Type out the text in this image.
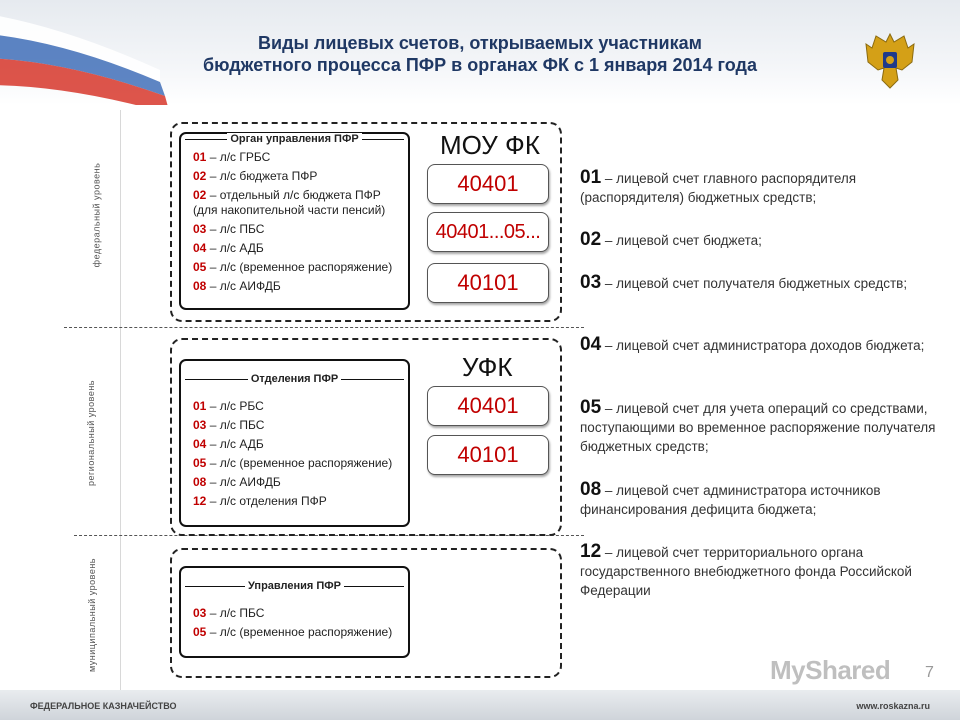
Виды лицевых счетов, открываемых участникам
бюджетного процесса ПФР в органах ФК с 1 января 2014 года
федеральный уровень
региональный уровень
муниципальный уровень
Орган управления ПФР
01 – л/с ГРБС
02 – л/с бюджета ПФР
02 – отдельный л/с бюджета ПФР (для накопительной части пенсий)
03 – л/с ПБС
04 – л/с АДБ
05 – л/с (временное распоряжение)
08 – л/с АИФДБ
МОУ ФК
40401
40401...05...
40101
Отделения ПФР
01 – л/с РБС
03 – л/с ПБС
04 – л/с АДБ
05 – л/с (временное распоряжение)
08 – л/с АИФДБ
12 – л/с отделения ПФР
УФК
40401
40101
Управления ПФР
03 – л/с ПБС
05 – л/с (временное распоряжение)
01 – лицевой счет главного распорядителя (распорядителя) бюджетных средств;
02 – лицевой счет бюджета;
03 – лицевой счет получателя бюджетных средств;
04 – лицевой счет администратора доходов бюджета;
05 – лицевой счет для учета операций со средствами, поступающими во временное распоряжение получателя бюджетных средств;
08 – лицевой счет администратора источников финансирования дефицита бюджета;
12 – лицевой счет территориального органа государственного внебюджетного фонда Российской Федерации
MyShared 7
ФЕДЕРАЛЬНОЕ КАЗНАЧЕЙСТВО	www.roskazna.ru
